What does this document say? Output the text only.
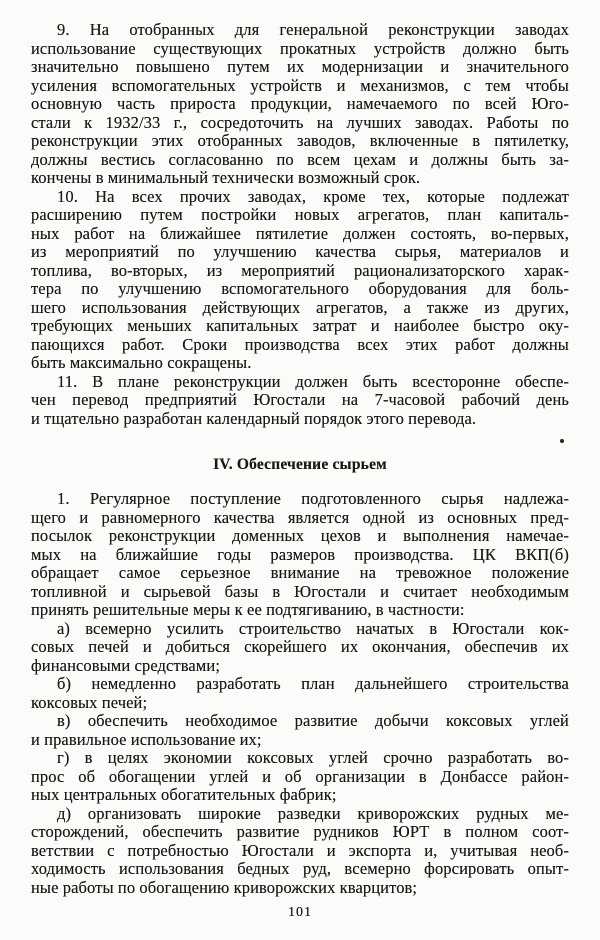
9. На отобранных для генеральной реконструкции заводах
использование существующих прокатных устройств должно быть
значительно повышено путем их модернизации и значительного
усиления вспомогательных устройств и механизмов, с тем чтобы
основную часть прироста продукции, намечаемого по всей Юго-
стали к 1932/33 г., сосредоточить на лучших заводах. Работы по
реконструкции этих отобранных заводов, включенные в пятилетку,
должны вестись согласованно по всем цехам и должны быть за-
кончены в минимальный технически возможный срок.
10. На всех прочих заводах, кроме тех, которые подлежат
расширению путем постройки новых агрегатов, план капиталь-
ных работ на ближайшее пятилетие должен состоять, во-первых,
из мероприятий по улучшению качества сырья, материалов и
топлива, во-вторых, из мероприятий рационализаторского харак-
тера по улучшению вспомогательного оборудования для боль-
шего использования действующих агрегатов, а также из других,
требующих меньших капитальных затрат и наиболее быстро оку-
пающихся работ. Сроки производства всех этих работ должны
быть максимально сокращены.
11. В плане реконструкции должен быть всесторонне обеспе-
чен перевод предприятий Югостали на 7-часовой рабочий день
и тщательно разработан календарный порядок этого перевода.
IV. Обеспечение сырьем
1. Регулярное поступление подготовленного сырья надлежа-
щего и равномерного качества является одной из основных пред-
посылок реконструкции доменных цехов и выполнения намечае-
мых на ближайшие годы размеров производства. ЦК ВКП(б)
обращает самое серьезное внимание на тревожное положение
топливной и сырьевой базы в Югостали и считает необходимым
принять решительные меры к ее подтягиванию, в частности:
а) всемерно усилить строительство начатых в Югостали кок-
совых печей и добиться скорейшего их окончания, обеспечив их
финансовыми средствами;
б) немедленно разработать план дальнейшего строительства
коксовых печей;
в) обеспечить необходимое развитие добычи коксовых углей
и правильное использование их;
г) в целях экономии коксовых углей срочно разработать во-
прос об обогащении углей и об организации в Донбассе район-
ных центральных обогатительных фабрик;
д) организовать широкие разведки криворожских рудных ме-
сторождений, обеспечить развитие рудников ЮРТ в полном соот-
ветствии с потребностью Югостали и экспорта и, учитывая необ-
ходимость использования бедных руд, всемерно форсировать опыт-
ные работы по обогащению криворожских кварцитов;
101
